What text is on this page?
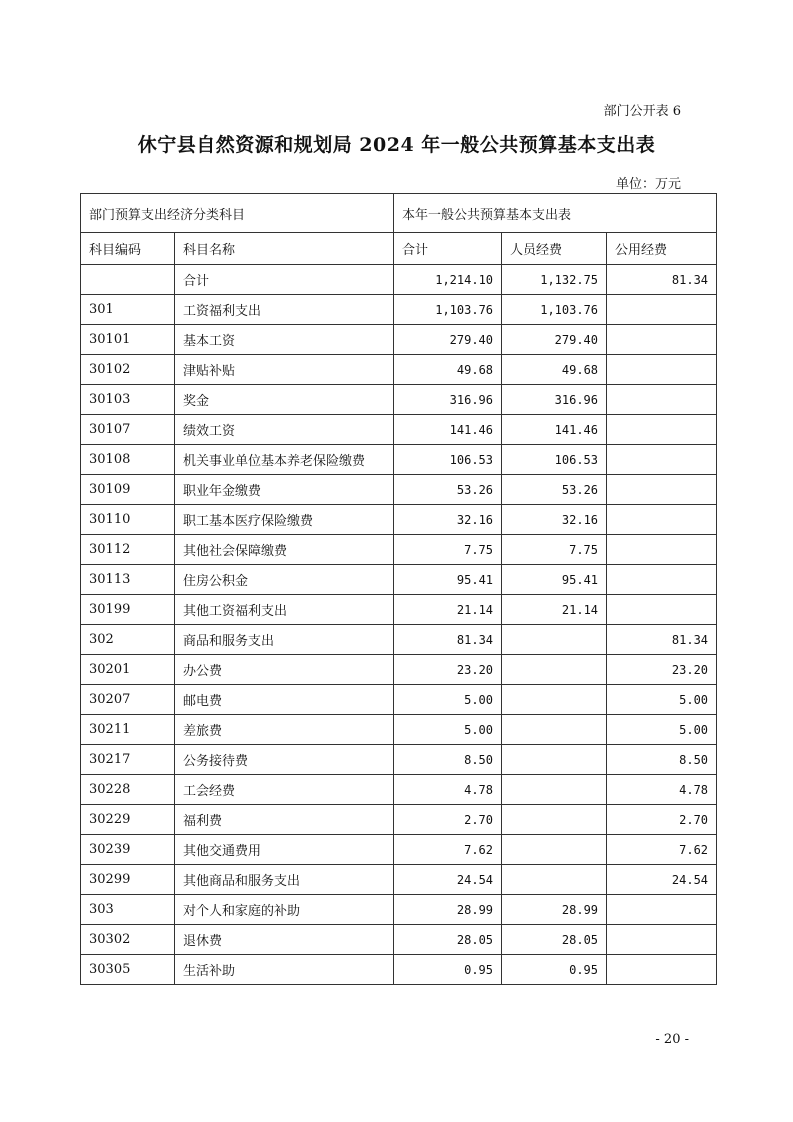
部门公开表 6
休宁县自然资源和规划局 2024 年一般公共预算基本支出表
单位：万元
部门预算支出经济分类科目		本年一般公共预算基本支出表		
科目编码	科目名称	合计	人员经费	公用经费
	合计	1,214.10	1,132.75	81.34
301	工资福利支出	1,103.76	1,103.76	
30101	基本工资	279.40	279.40	
30102	津贴补贴	49.68	49.68	
30103	奖金	316.96	316.96	
30107	绩效工资	141.46	141.46	
30108	机关事业单位基本养老保险缴费	106.53	106.53	
30109	职业年金缴费	53.26	53.26	
30110	职工基本医疗保险缴费	32.16	32.16	
30112	其他社会保障缴费	7.75	7.75	
30113	住房公积金	95.41	95.41	
30199	其他工资福利支出	21.14	21.14	
302	商品和服务支出	81.34		81.34
30201	办公费	23.20		23.20
30207	邮电费	5.00		5.00
30211	差旅费	5.00		5.00
30217	公务接待费	8.50		8.50
30228	工会经费	4.78		4.78
30229	福利费	2.70		2.70
30239	其他交通费用	7.62		7.62
30299	其他商品和服务支出	24.54		24.54
303	对个人和家庭的补助	28.99	28.99	
30302	退休费	28.05	28.05	
30305	生活补助	0.95	0.95	
- 20 -
